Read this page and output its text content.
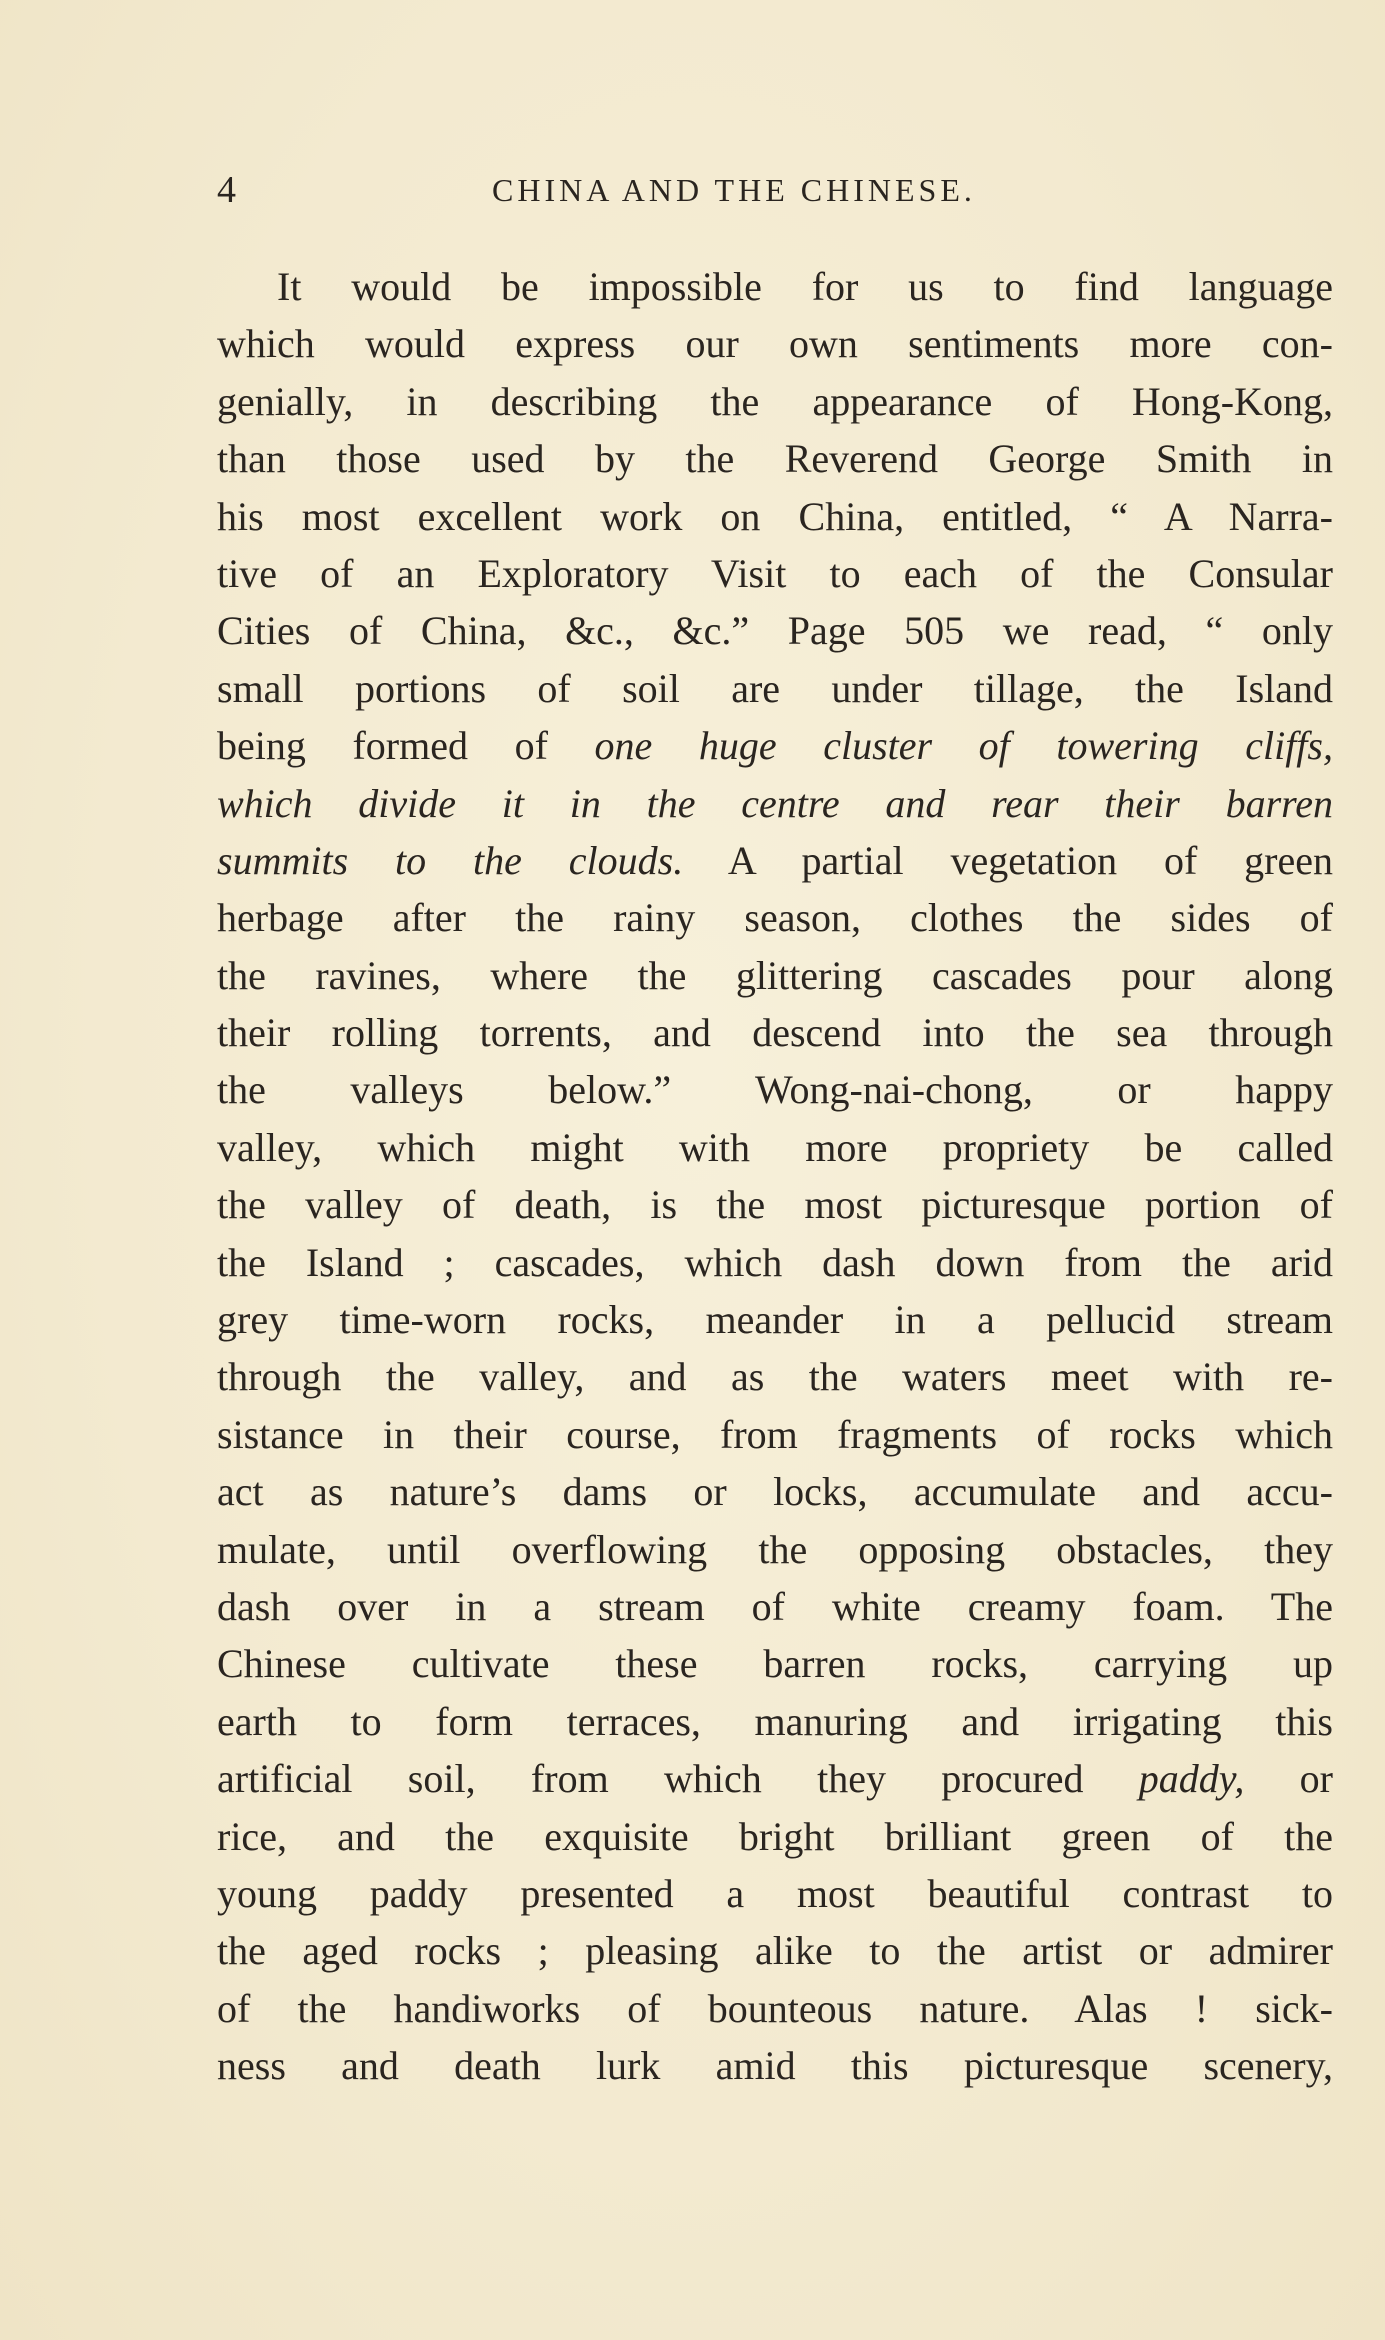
4	CHINA AND THE CHINESE.
It would be impossible for us to find language
which would express our own sentiments more con-
genially, in describing the appearance of Hong-Kong,
than those used by the Reverend George Smith in
his most excellent work on China, entitled, “ A Narra-
tive of an Exploratory Visit to each of the Consular
Cities of China, &c., &c.” Page 505 we read, “ only
small portions of soil are under tillage, the Island
being formed of one huge cluster of towering cliffs,
which divide it in the centre and rear their barren
summits to the clouds. A partial vegetation of green
herbage after the rainy season, clothes the sides of
the ravines, where the glittering cascades pour along
their rolling torrents, and descend into the sea through
the valleys below.” Wong-nai-chong, or happy
valley, which might with more propriety be called
the valley of death, is the most picturesque portion of
the Island ; cascades, which dash down from the arid
grey time-worn rocks, meander in a pellucid stream
through the valley, and as the waters meet with re-
sistance in their course, from fragments of rocks which
act as nature’s dams or locks, accumulate and accu-
mulate, until overflowing the opposing obstacles, they
dash over in a stream of white creamy foam. The
Chinese cultivate these barren rocks, carrying up
earth to form terraces, manuring and irrigating this
artificial soil, from which they procured paddy, or
rice, and the exquisite bright brilliant green of the
young paddy presented a most beautiful contrast to
the aged rocks ; pleasing alike to the artist or admirer
of the handiworks of bounteous nature. Alas ! sick-
ness and death lurk amid this picturesque scenery,
